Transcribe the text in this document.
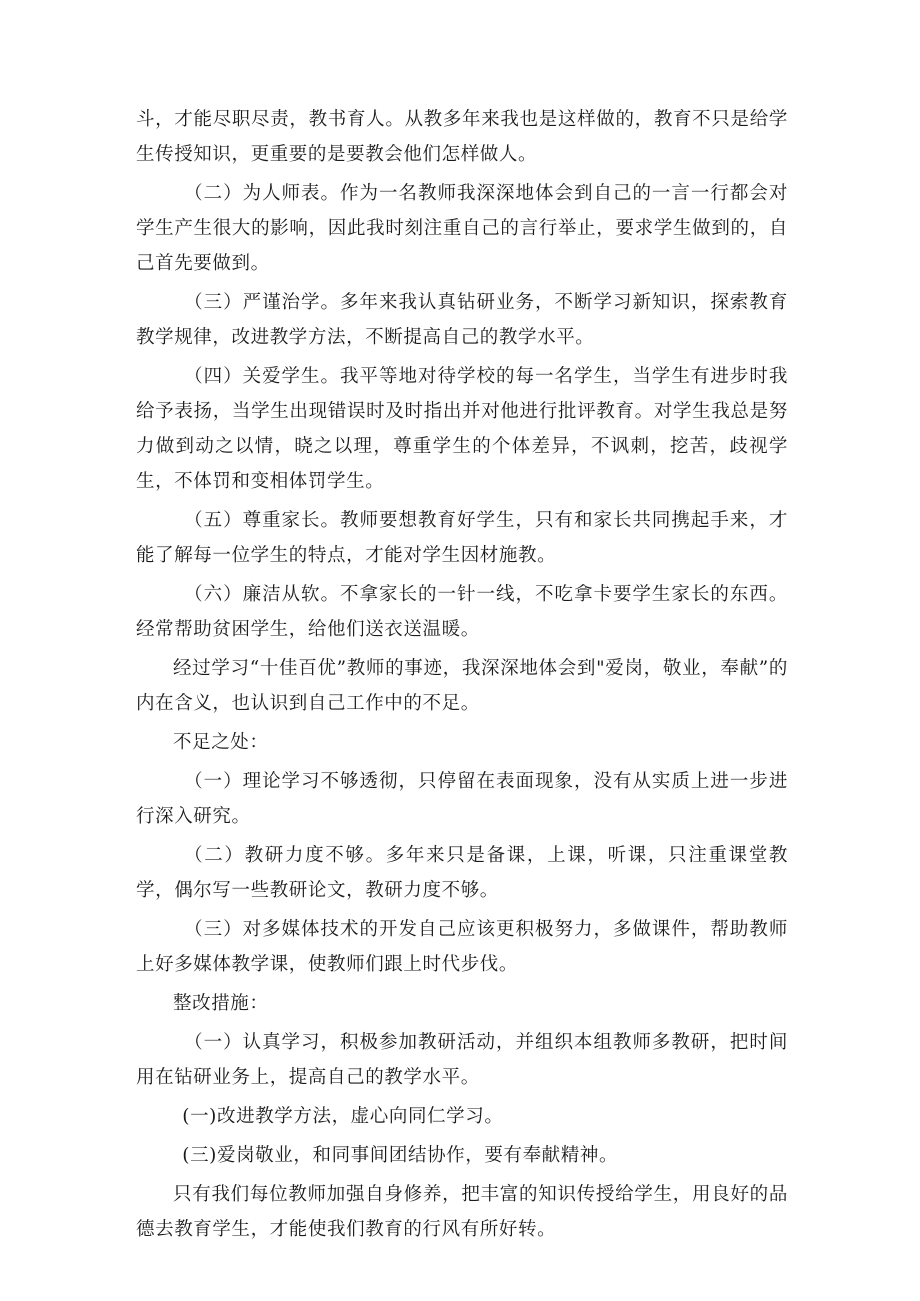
斗，才能尽职尽责，教书育人。从教多年来我也是这样做的，教育不只是给学生传授知识，更重要的是要教会他们怎样做人。

（二）为人师表。作为一名教师我深深地体会到自己的一言一行都会对学生产生很大的影响，因此我时刻注重自己的言行举止，要求学生做到的，自己首先要做到。

（三）严谨治学。多年来我认真钻研业务，不断学习新知识，探索教育教学规律，改进教学方法，不断提高自己的教学水平。

（四）关爱学生。我平等地对待学校的每一名学生，当学生有进步时我给予表扬，当学生出现错误时及时指出并对他进行批评教育。对学生我总是努力做到动之以情，晓之以理，尊重学生的个体差异，不讽刺，挖苦，歧视学生，不体罚和变相体罚学生。

（五）尊重家长。教师要想教育好学生，只有和家长共同携起手来，才能了解每一位学生的特点，才能对学生因材施教。

（六）廉洁从软。不拿家长的一针一线，不吃拿卡要学生家长的东西。经常帮助贫困学生，给他们送衣送温暖。

经过学习“十佳百优”教师的事迹，我深深地体会到"爱岗，敬业，奉献”的内在含义，也认识到自己工作中的不足。

不足之处：

（一）理论学习不够透彻，只停留在表面现象，没有从实质上进一步进行深入研究。

（二）教研力度不够。多年来只是备课，上课，听课，只注重课堂教学，偶尔写一些教研论文，教研力度不够。

（三）对多媒体技术的开发自己应该更积极努力，多做课件，帮助教师上好多媒体教学课，使教师们跟上时代步伐。

整改措施：

（一）认真学习，积极参加教研活动，并组织本组教师多教研，把时间用在钻研业务上，提高自己的教学水平。

(一)改进教学方法，虚心向同仁学习。

(三)爱岗敬业，和同事间团结协作，要有奉献精神。

只有我们每位教师加强自身修养，把丰富的知识传授给学生，用良好的品德去教育学生，才能使我们教育的行风有所好转。
